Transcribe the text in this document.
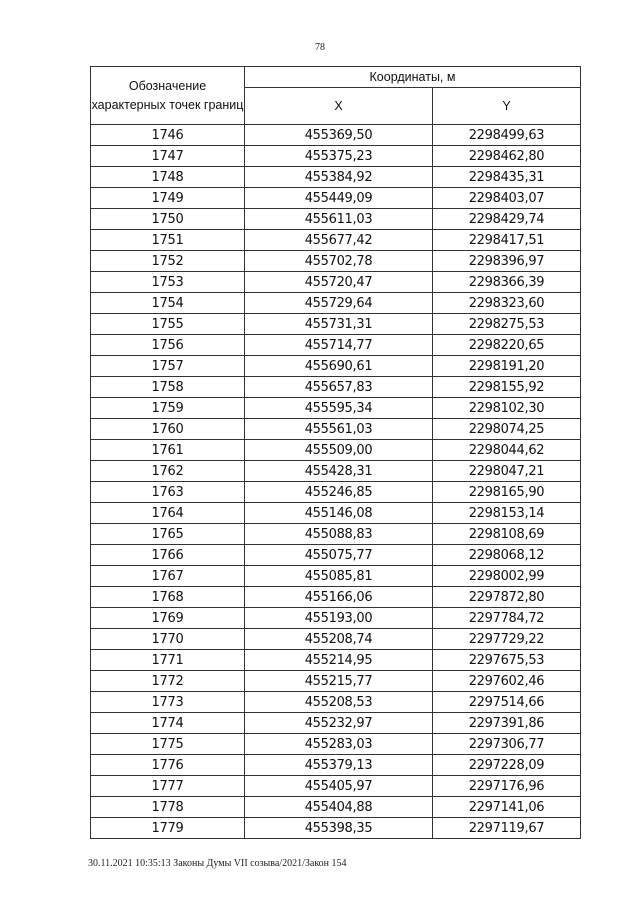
78
Обозначение характерных точек границ	Координаты, м	
	X	Y
1746	455369,50	2298499,63
1747	455375,23	2298462,80
1748	455384,92	2298435,31
1749	455449,09	2298403,07
1750	455611,03	2298429,74
1751	455677,42	2298417,51
1752	455702,78	2298396,97
1753	455720,47	2298366,39
1754	455729,64	2298323,60
1755	455731,31	2298275,53
1756	455714,77	2298220,65
1757	455690,61	2298191,20
1758	455657,83	2298155,92
1759	455595,34	2298102,30
1760	455561,03	2298074,25
1761	455509,00	2298044,62
1762	455428,31	2298047,21
1763	455246,85	2298165,90
1764	455146,08	2298153,14
1765	455088,83	2298108,69
1766	455075,77	2298068,12
1767	455085,81	2298002,99
1768	455166,06	2297872,80
1769	455193,00	2297784,72
1770	455208,74	2297729,22
1771	455214,95	2297675,53
1772	455215,77	2297602,46
1773	455208,53	2297514,66
1774	455232,97	2297391,86
1775	455283,03	2297306,77
1776	455379,13	2297228,09
1777	455405,97	2297176,96
1778	455404,88	2297141,06
1779	455398,35	2297119,67
30.11.2021 10:35:13 Законы Думы VII созыва/2021/Закон 154
